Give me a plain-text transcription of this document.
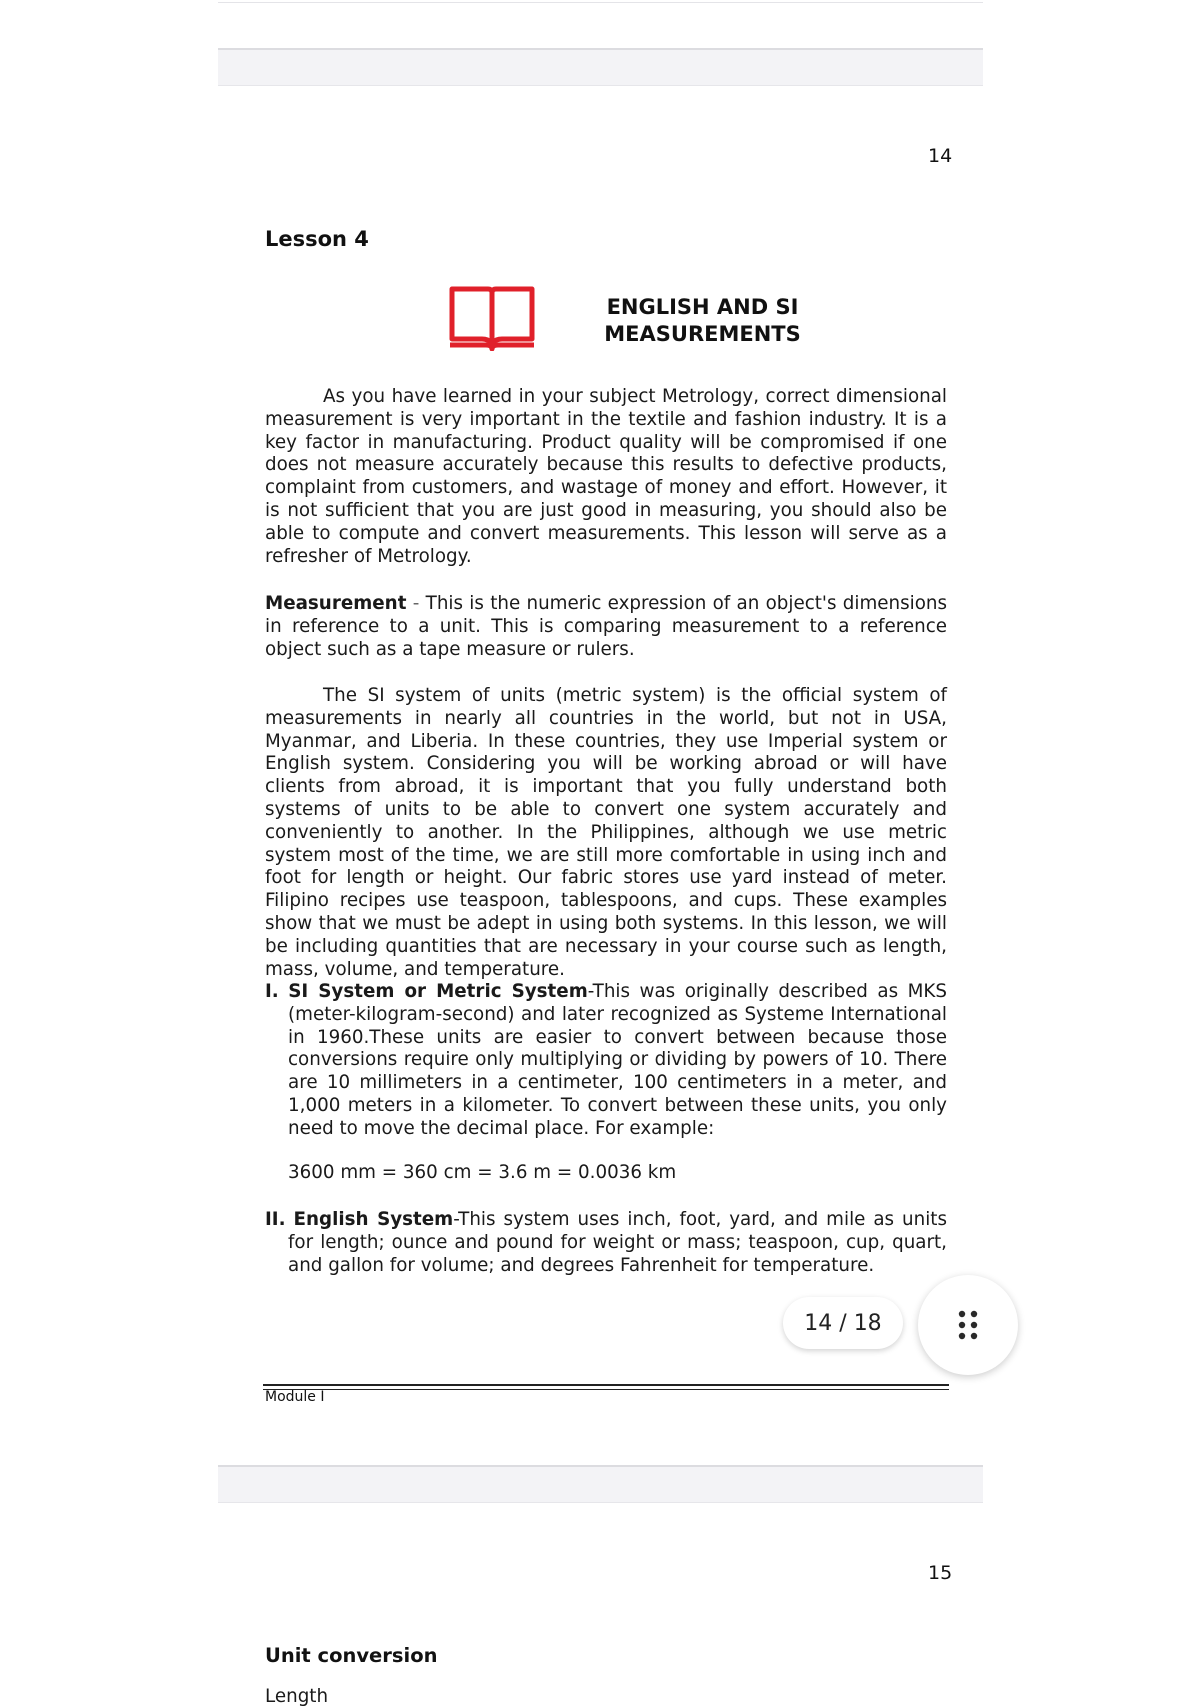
14
Lesson 4
ENGLISH AND SI
MEASUREMENTS
As you have learned in your subject Metrology, correct dimensional measurement is very important in the textile and fashion industry. It is a key factor in manufacturing. Product quality will be compromised if one does not measure accurately because this results to defective products, complaint from customers, and wastage of money and effort. However, it is not sufficient that you are just good in measuring, you should also be able to compute and convert measurements. This lesson will serve as a refresher of Metrology.
Measurement - This is the numeric expression of an object's dimensions in reference to a unit. This is comparing measurement to a reference object such as a tape measure or rulers.
The SI system of units (metric system) is the official system of measurements in nearly all countries in the world, but not in USA, Myanmar, and Liberia. In these countries, they use Imperial system or English system. Considering you will be working abroad or will have clients from abroad, it is important that you fully understand both systems of units to be able to convert one system accurately and conveniently to another. In the Philippines, although we use metric system most of the time, we are still more comfortable in using inch and foot for length or height. Our fabric stores use yard instead of meter. Filipino recipes use teaspoon, tablespoons, and cups. These examples show that we must be adept in using both systems. In this lesson, we will be including quantities that are necessary in your course such as length, mass, volume, and temperature.
I. SI System or Metric System-This was originally described as MKS (meter-kilogram-second) and later recognized as Systeme International in 1960.These units are easier to convert between because those conversions require only multiplying or dividing by powers of 10. There are 10 millimeters in a centimeter, 100 centimeters in a meter, and 1,000 meters in a kilometer. To convert between these units, you only need to move the decimal place. For example:
3600 mm = 360 cm = 3.6 m = 0.0036 km
II. English System-This system uses inch, foot, yard, and mile as units for length; ounce and pound for weight or mass; teaspoon, cup, quart, and gallon for volume; and degrees Fahrenheit for temperature.
Module I
15
Unit conversion
Length
14 / 18
